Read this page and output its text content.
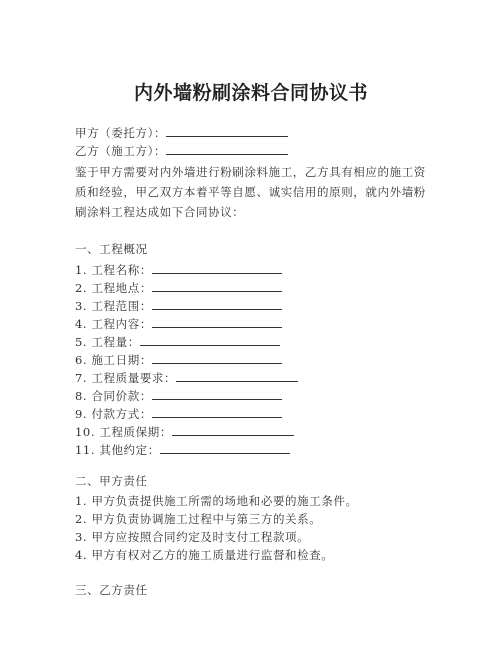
内外墙粉刷涂料合同协议书
甲方（委托方）：
乙方（施工方）：
鉴于甲方需要对内外墙进行粉刷涂料施工，乙方具有相应的施工资质和经验，甲乙双方本着平等自愿、诚实信用的原则，就内外墙粉刷涂料工程达成如下合同协议：
一、工程概况
1. 工程名称：
2. 工程地点：
3. 工程范围：
4. 工程内容：
5. 工程量：
6. 施工日期：
7. 工程质量要求：
8. 合同价款：
9. 付款方式：
10. 工程质保期：
11. 其他约定：
二、甲方责任
1. 甲方负责提供施工所需的场地和必要的施工条件。
2. 甲方负责协调施工过程中与第三方的关系。
3. 甲方应按照合同约定及时支付工程款项。
4. 甲方有权对乙方的施工质量进行监督和检查。
三、乙方责任
